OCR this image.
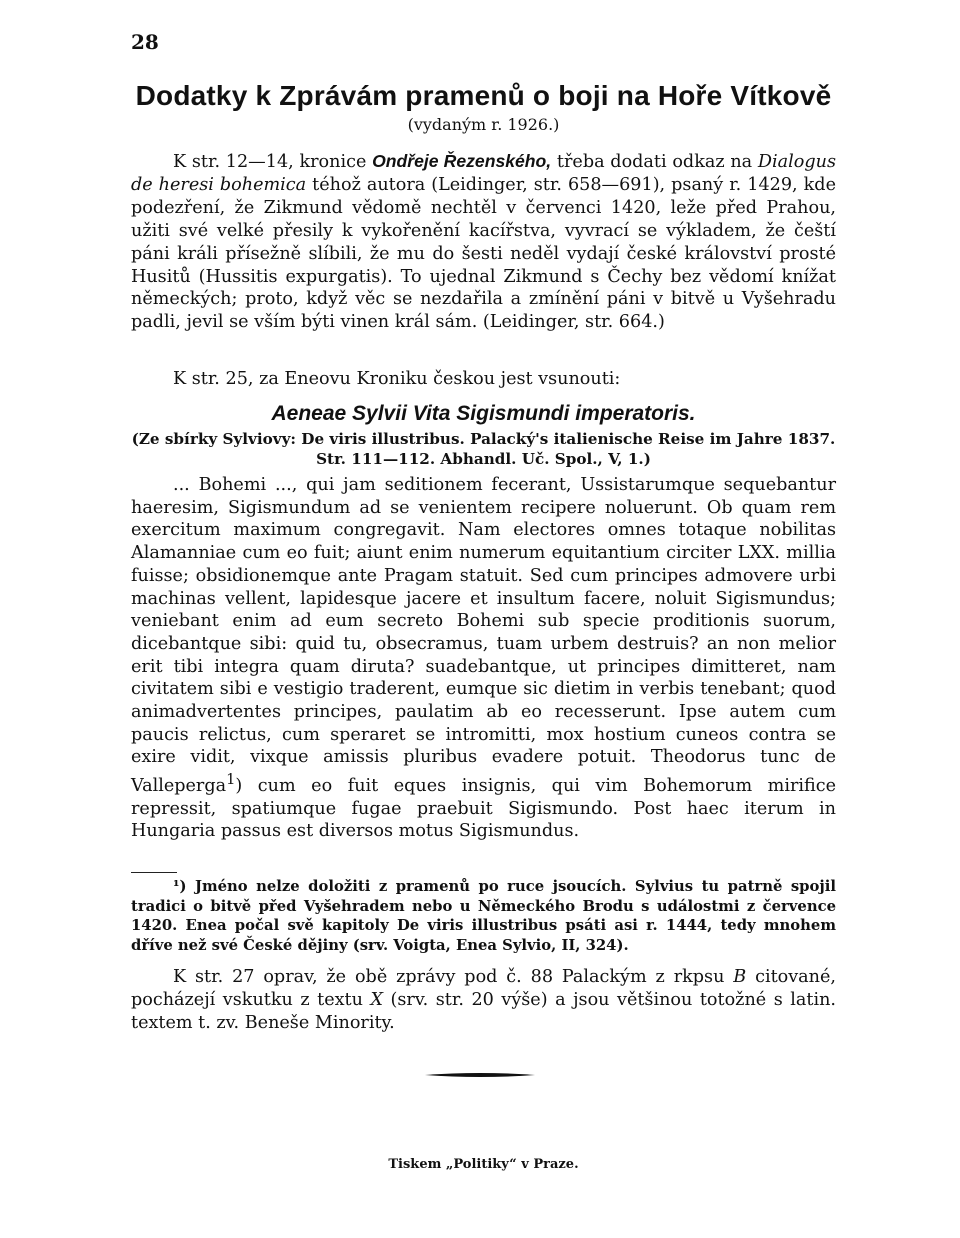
28
Dodatky k Zprávám pramenů o boji na Hoře Vítkově
(vydaným r. 1926.)

K str. 12—14, kronice Ondřeje Řezenského, třeba dodati odkaz na Dialogus de heresi bohemica téhož autora (Leidinger, str. 658—691), psaný r. 1429, kde podezření, že Zikmund vědomě nechtěl v červenci 1420, leže před Prahou, užiti své velké přesily k vykořenění kacířstva, vyvrací se výkladem, že čeští páni králi přísežně slíbili, že mu do šesti neděl vydají české království prosté Husitů (Hussitis expurgatis). To ujednal Zikmund s Čechy bez vědomí knížat německých; proto, když věc se nezdařila a zmínění páni v bitvě u Vyšehradu padli, jevil se vším býti vinen král sám. (Leidinger, str. 664.)

K str. 25, za Eneovu Kroniku českou jest vsunouti:

Aeneae Sylvii Vita Sigismundi imperatoris.
(Ze sbírky Sylviovy: De viris illustribus. Palacký's italienische Reise im Jahre 1837.
Str. 111—112. Abhandl. Uč. Spol., V, 1.)

... Bohemi ..., qui jam seditionem fecerant, Ussistarumque sequebantur haeresim, Sigismundum ad se venientem recipere noluerunt. Ob quam rem exercitum maximum congregavit. Nam electores omnes totaque nobilitas Alamanniae cum eo fuit; aiunt enim numerum equitantium circiter LXX. millia fuisse; obsidionemque ante Pragam statuit. Sed cum principes admovere urbi machinas vellent, lapidesque jacere et insultum facere, noluit Sigismundus; veniebant enim ad eum secreto Bohemi sub specie proditionis suorum, dicebantque sibi: quid tu, obsecramus, tuam urbem destruis? an non melior erit tibi integra quam diruta? suadebantque, ut principes dimitteret, nam civitatem sibi e vestigio traderent, eumque sic dietim in verbis tenebant; quod animadvertentes principes, paulatim ab eo recesserunt. Ipse autem cum paucis relictus, cum speraret se intromitti, mox hostium cuneos contra se exire vidit, vixque amissis pluribus evadere potuit. Theodorus tunc de Valleperga$^1$) cum eo fuit eques insignis, qui vim Bohemorum mirifice repressit, spatiumque fugae praebuit Sigismundo. Post haec iterum in Hungaria passus est diversos motus Sigismundus.

¹) Jméno nelze doložiti z pramenů po ruce jsoucích. Sylvius tu patrně spojil tradici o bitvě před Vyšehradem nebo u Německého Brodu s událostmi z července 1420. Enea počal svě kapitoly De viris illustribus psáti asi r. 1444, tedy mnohem dříve než své České dějiny (srv. Voigta, Enea Sylvio, II, 324).

K str. 27 oprav, že obě zprávy pod č. 88 Palackým z rkpsu B citované, pocházejí vskutku z textu X (srv. str. 20 výše) a jsou většinou totožné s latin. textem t. zv. Beneše Minority.

Tiskem „Politiky“ v Praze.
